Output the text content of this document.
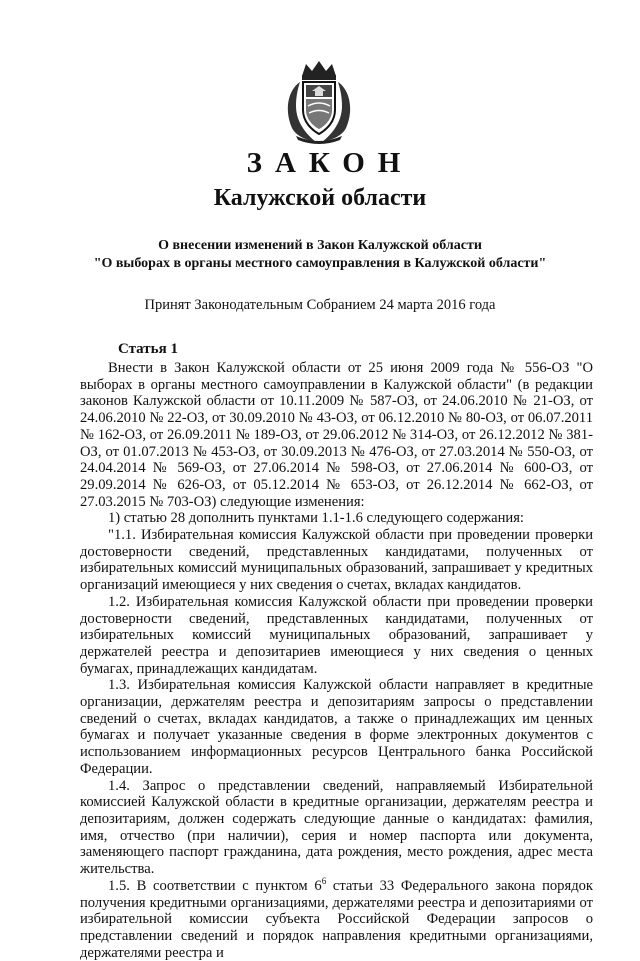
ЗАКОН
Калужской области
О внесении изменений в Закон Калужской области
"О выборах в органы местного самоуправления в Калужской области"
Принят Законодательным Собранием 24 марта 2016 года
Статья 1

Внести в Закон Калужской области от 25 июня 2009 года № 556-ОЗ "О выборах в органы местного самоуправлении в Калужской области" (в редакции законов Калужской области от 10.11.2009 № 587-ОЗ, от 24.06.2010 № 21-ОЗ, от 24.06.2010 № 22-ОЗ, от 30.09.2010 № 43-ОЗ, от 06.12.2010 № 80-ОЗ, от 06.07.2011 № 162-ОЗ, от 26.09.2011 № 189-ОЗ, от 29.06.2012 № 314-ОЗ, от 26.12.2012 № 381-ОЗ, от 01.07.2013 № 453-ОЗ, от 30.09.2013 № 476-ОЗ, от 27.03.2014 № 550-ОЗ, от 24.04.2014 № 569-ОЗ, от 27.06.2014 № 598-ОЗ, от 27.06.2014 № 600-ОЗ, от 29.09.2014 № 626-ОЗ, от 05.12.2014 № 653-ОЗ, от 26.12.2014 № 662-ОЗ, от 27.03.2015 № 703-ОЗ) следующие изменения:

1) статью 28 дополнить пунктами 1.1-1.6 следующего содержания:

"1.1. Избирательная комиссия Калужской области при проведении проверки достоверности сведений, представленных кандидатами, полученных от избирательных комиссий муниципальных образований, запрашивает у кредитных организаций имеющиеся у них сведения о счетах, вкладах кандидатов.

1.2. Избирательная комиссия Калужской области при проведении проверки достоверности сведений, представленных кандидатами, полученных от избирательных комиссий муниципальных образований, запрашивает у держателей реестра и депозитариев имеющиеся у них сведения о ценных бумагах, принадлежащих кандидатам.

1.3. Избирательная комиссия Калужской области направляет в кредитные организации, держателям реестра и депозитариям запросы о представлении сведений о счетах, вкладах кандидатов, а также о принадлежащих им ценных бумагах и получает указанные сведения в форме электронных документов с использованием информационных ресурсов Центрального банка Российской Федерации.

1.4. Запрос о представлении сведений, направляемый Избирательной комиссией Калужской области в кредитные организации, держателям реестра и депозитариям, должен содержать следующие данные о кандидатах: фамилия, имя, отчество (при наличии), серия и номер паспорта или документа, заменяющего паспорт гражданина, дата рождения, место рождения, адрес места жительства.

1.5. В соответствии с пунктом $6^6$ статьи 33 Федерального закона порядок получения кредитными организациями, держателями реестра и депозитариями от избирательной комиссии субъекта Российской Федерации запросов о представлении сведений и порядок направления кредитными организациями, держателями реестра и
